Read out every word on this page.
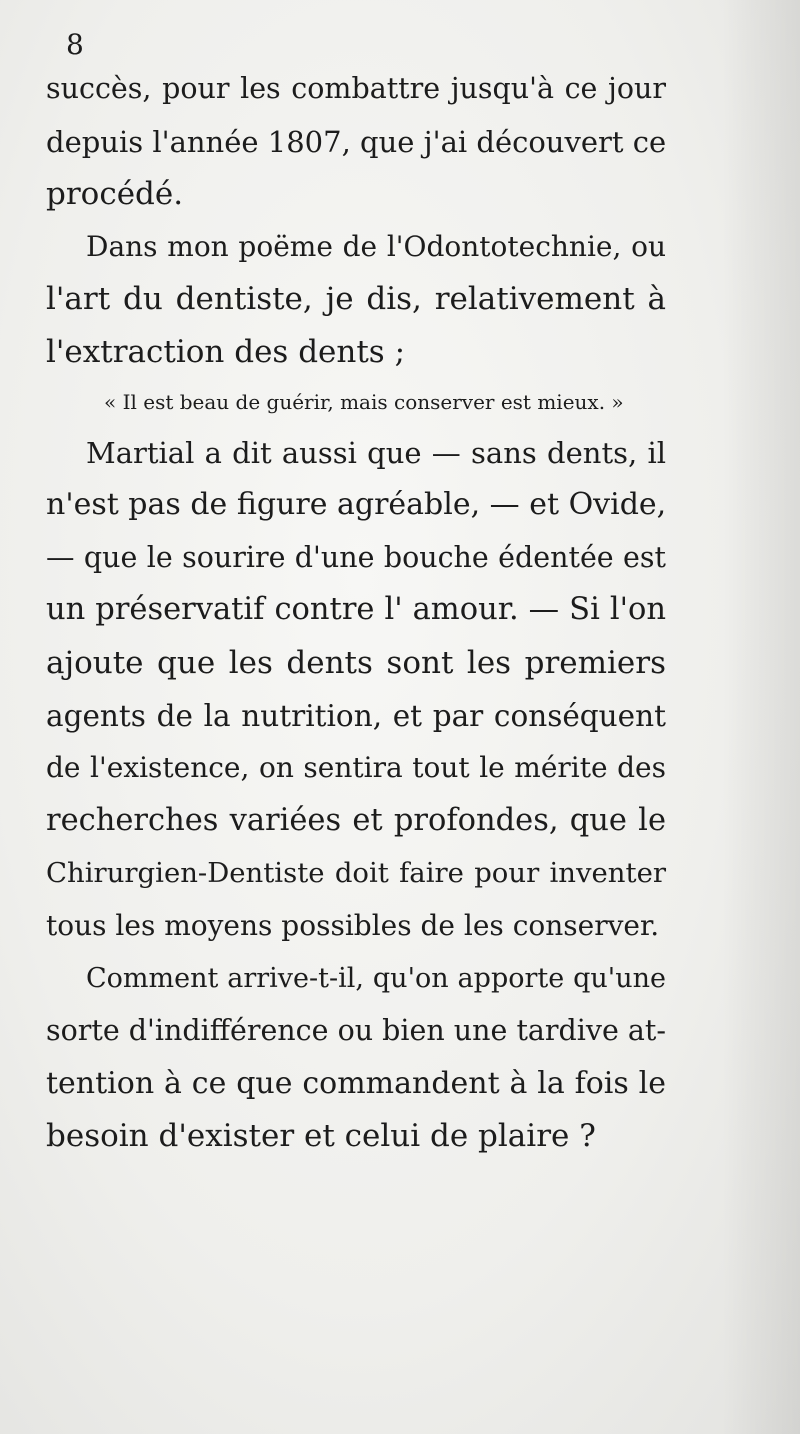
8

succès, pour les combattre jusqu'à ce jour
depuis l'année 1807, que j'ai découvert ce
procédé.
Dans mon poëme de l'Odontotechnie, ou
l'art du dentiste, je dis, relativement à
l'extraction des dents ;
« Il est beau de guérir, mais conserver est mieux. »
Martial a dit aussi que — sans dents, il
n'est pas de figure agréable, — et Ovide,
— que le sourire d'une bouche édentée est
un préservatif contre l' amour. — Si l'on
ajoute que les dents sont les premiers
agents de la nutrition, et par conséquent
de l'existence, on sentira tout le mérite des
recherches variées et profondes, que le
Chirurgien-Dentiste doit faire pour inventer
tous les moyens possibles de les conserver.
Comment arrive-t-il, qu'on apporte qu'une
sorte d'indifférence ou bien une tardive at-
tention à ce que commandent à la fois le
besoin d'exister et celui de plaire ?
